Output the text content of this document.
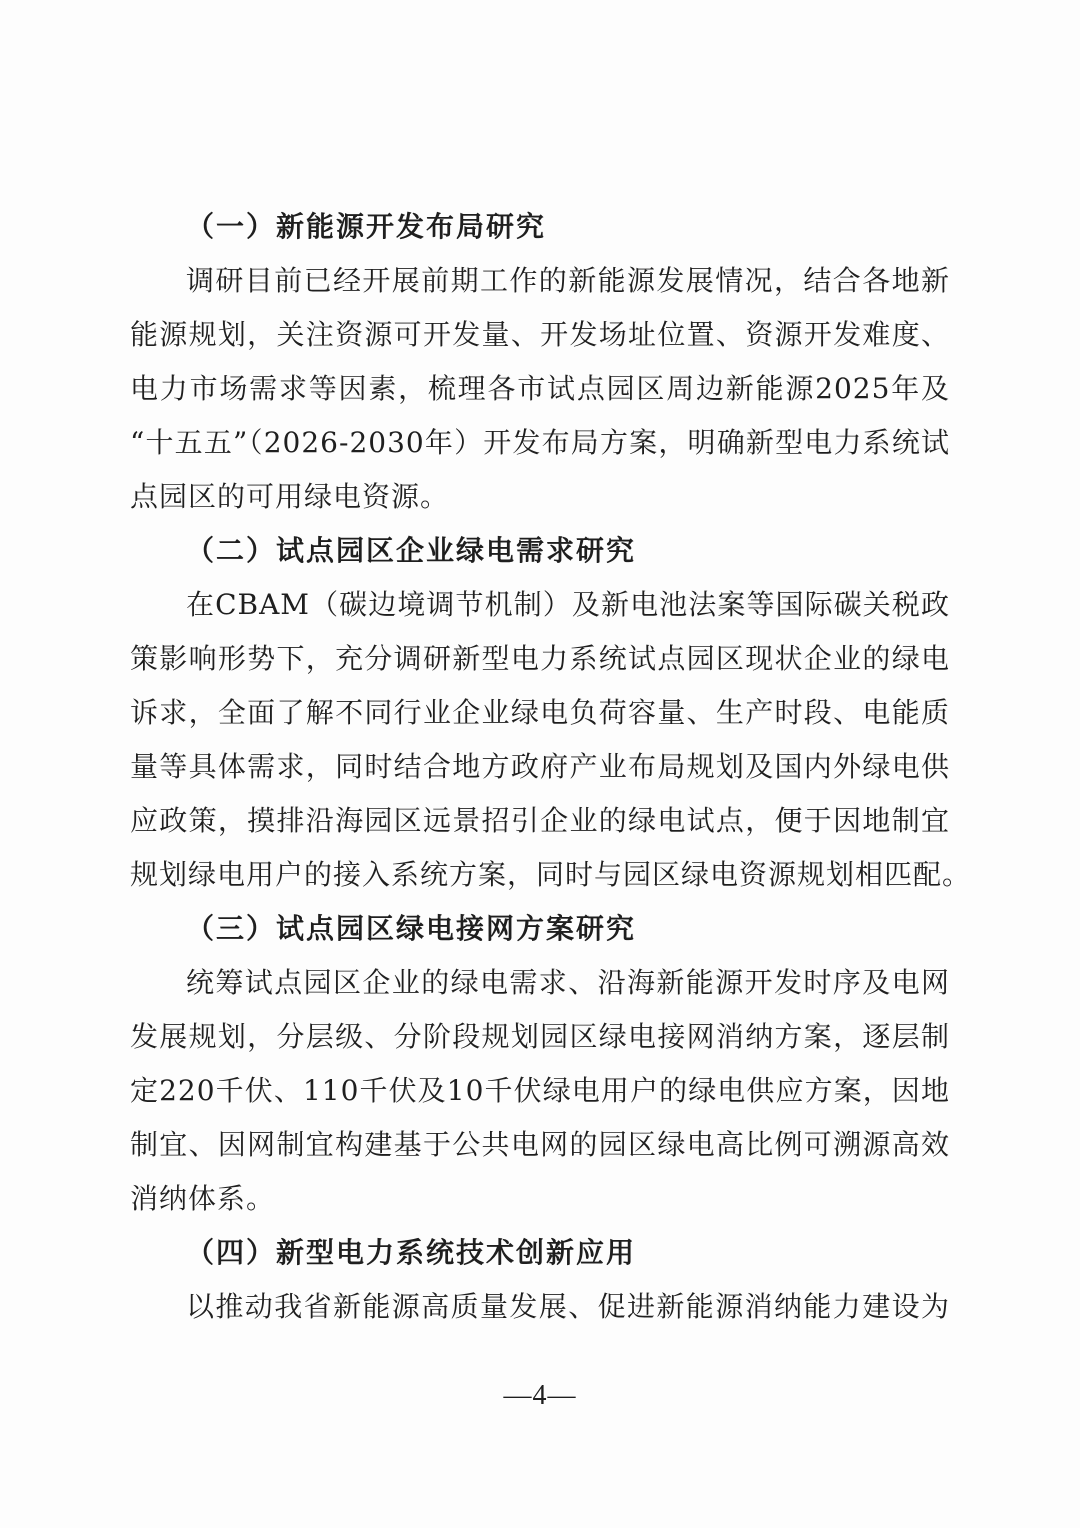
（一）新能源开发布局研究

调研目前已经开展前期工作的新能源发展情况，结合各地新
能源规划，关注资源可开发量、开发场址位置、资源开发难度、
电力市场需求等因素，梳理各市试点园区周边新能源2025年及
“十五五”（2026-2030年）开发布局方案，明确新型电力系统试
点园区的可用绿电资源。

（二）试点园区企业绿电需求研究

在CBAM（碳边境调节机制）及新电池法案等国际碳关税政
策影响形势下，充分调研新型电力系统试点园区现状企业的绿电
诉求，全面了解不同行业企业绿电负荷容量、生产时段、电能质
量等具体需求，同时结合地方政府产业布局规划及国内外绿电供
应政策，摸排沿海园区远景招引企业的绿电试点，便于因地制宜
规划绿电用户的接入系统方案，同时与园区绿电资源规划相匹配。

（三）试点园区绿电接网方案研究

统筹试点园区企业的绿电需求、沿海新能源开发时序及电网
发展规划，分层级、分阶段规划园区绿电接网消纳方案，逐层制
定220千伏、110千伏及10千伏绿电用户的绿电供应方案，因地
制宜、因网制宜构建基于公共电网的园区绿电高比例可溯源高效
消纳体系。

（四）新型电力系统技术创新应用

以推动我省新能源高质量发展、促进新能源消纳能力建设为

—4—
